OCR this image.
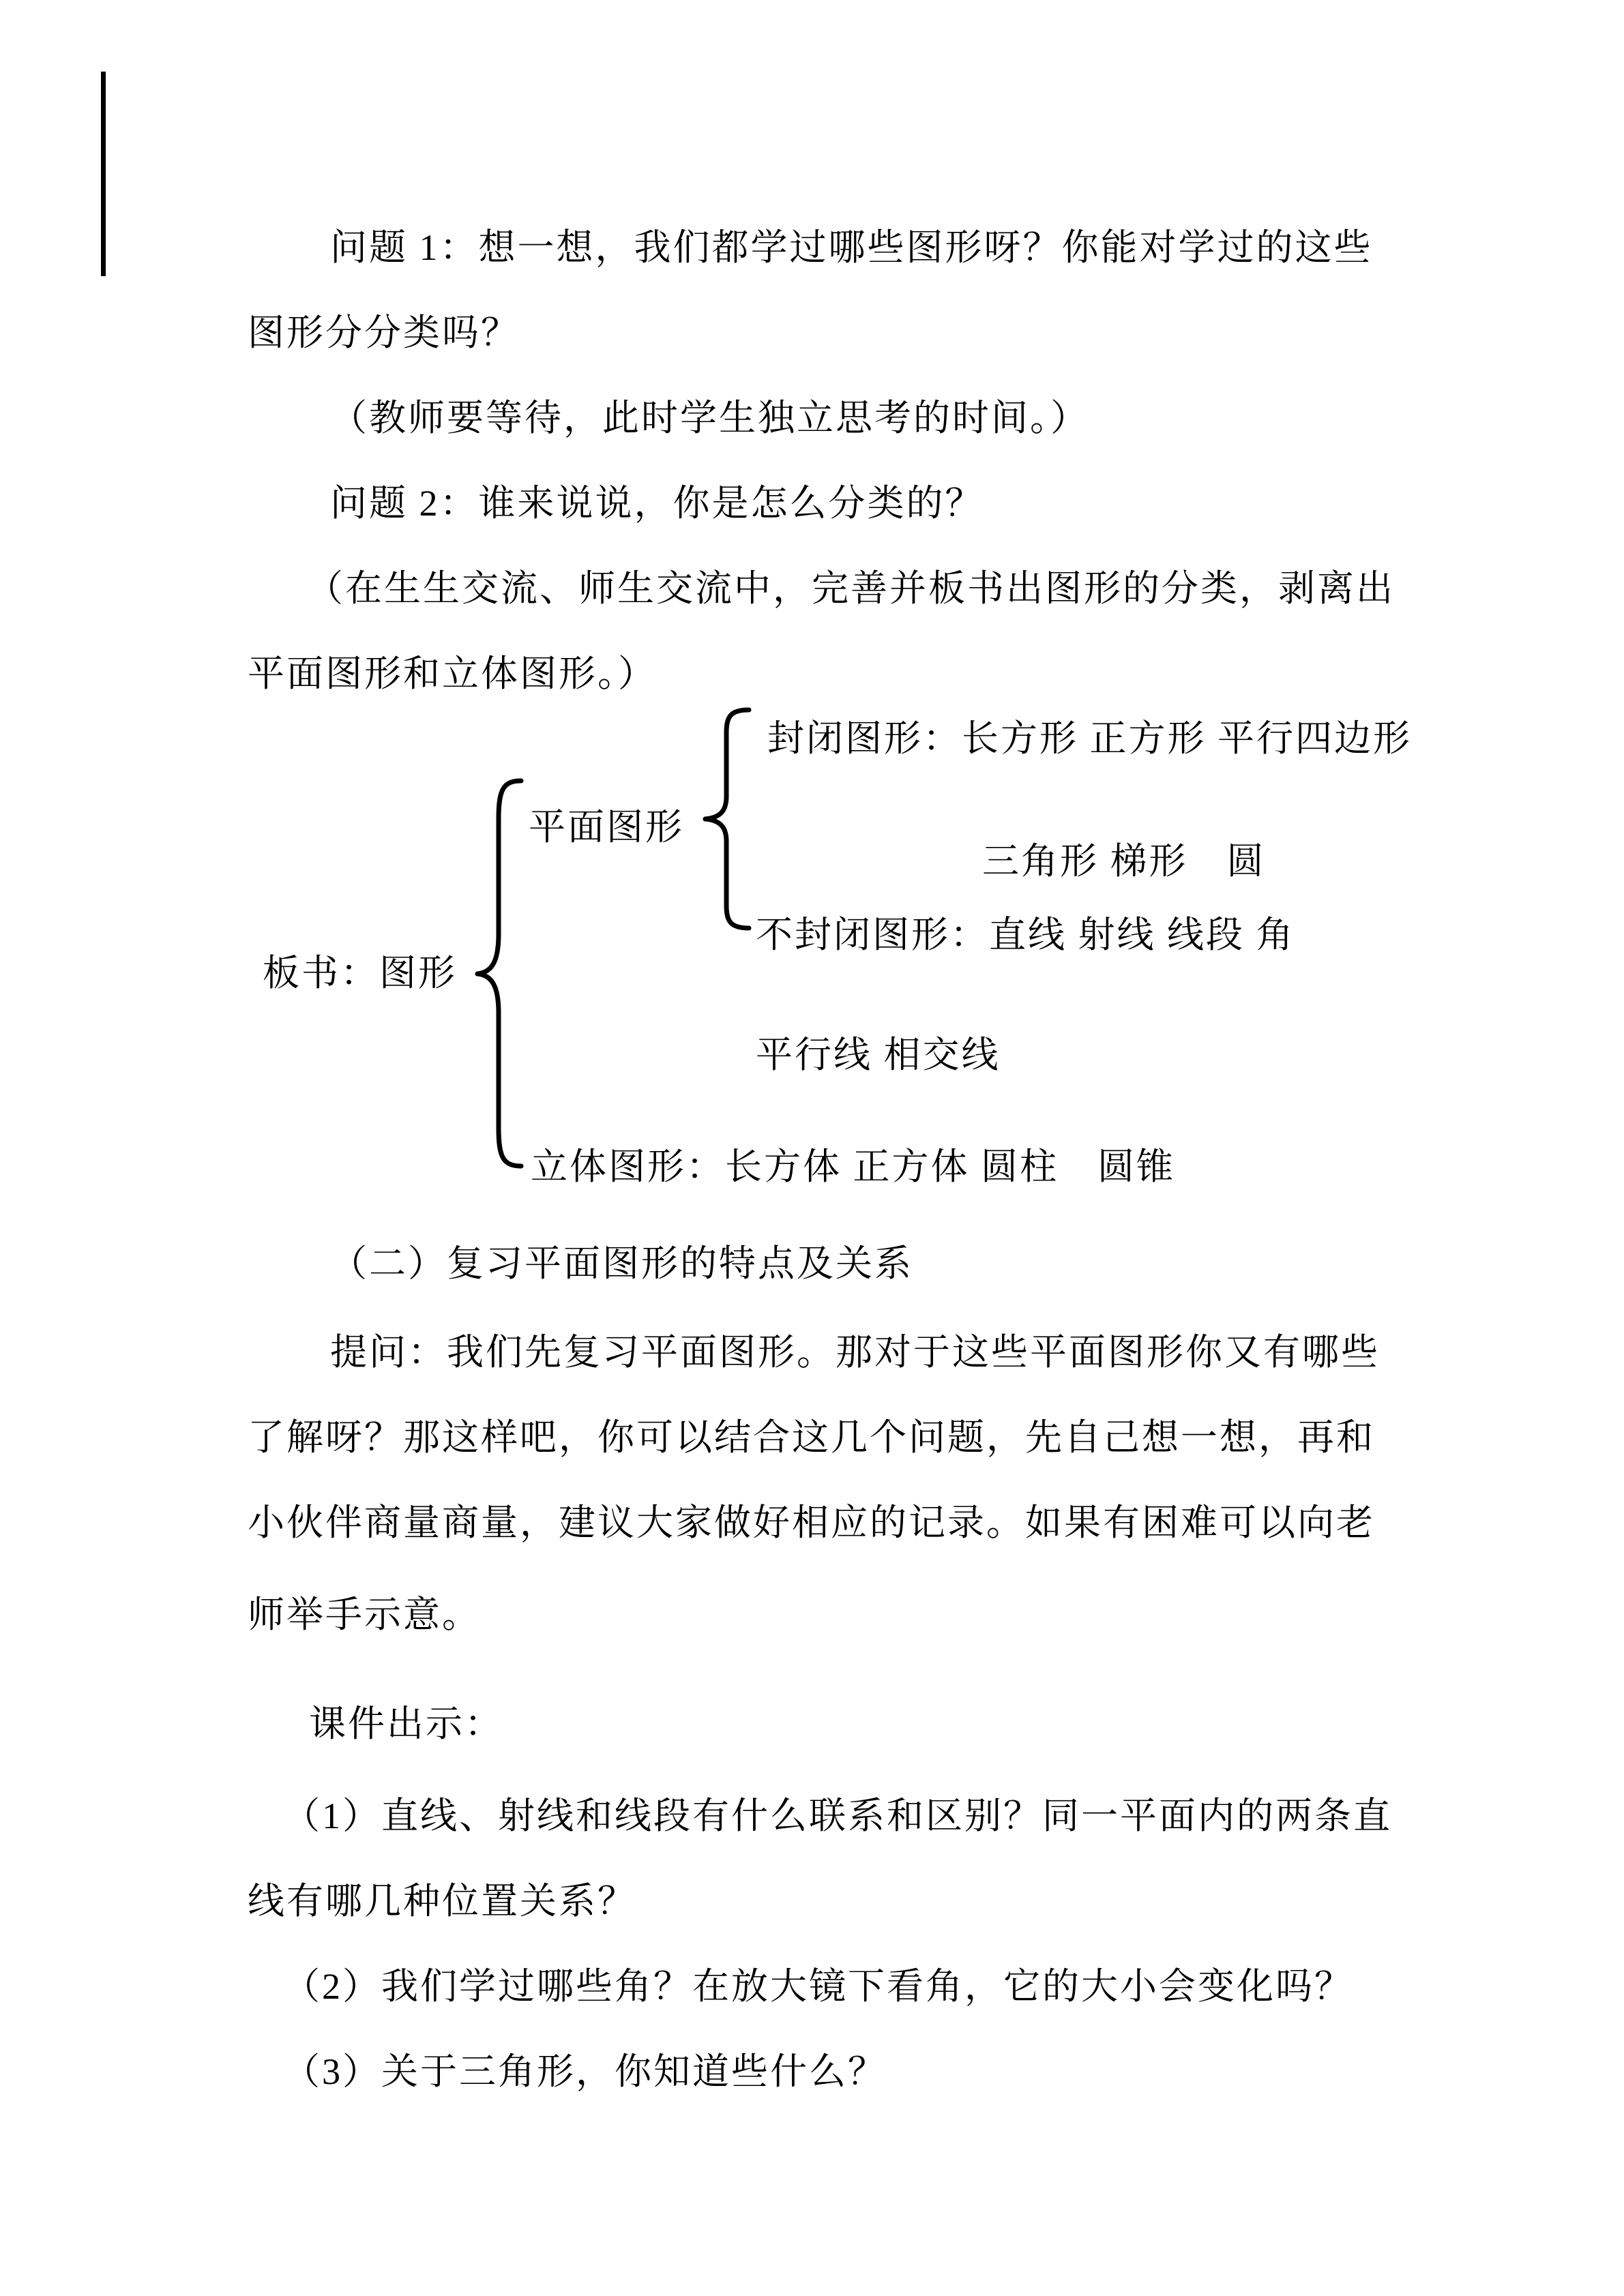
问题 1：想一想，我们都学过哪些图形呀？你能对学过的这些
图形分分类吗？
（教师要等待，此时学生独立思考的时间。）
问题 2：谁来说说，你是怎么分类的？
（在生生交流、师生交流中，完善并板书出图形的分类，剥离出
平面图形和立体图形。）
板书：图形
平面图形
封闭图形：长方形 正方形 平行四边形
三角形 梯形　圆
不封闭图形：直线 射线 线段 角
平行线 相交线
立体图形：长方体 正方体 圆柱　圆锥
（二）复习平面图形的特点及关系
提问：我们先复习平面图形。那对于这些平面图形你又有哪些
了解呀？那这样吧，你可以结合这几个问题，先自己想一想，再和
小伙伴商量商量，建议大家做好相应的记录。如果有困难可以向老
师举手示意。
课件出示：
（1）直线、射线和线段有什么联系和区别？同一平面内的两条直
线有哪几种位置关系？
（2）我们学过哪些角？在放大镜下看角，它的大小会变化吗？
（3）关于三角形，你知道些什么？
